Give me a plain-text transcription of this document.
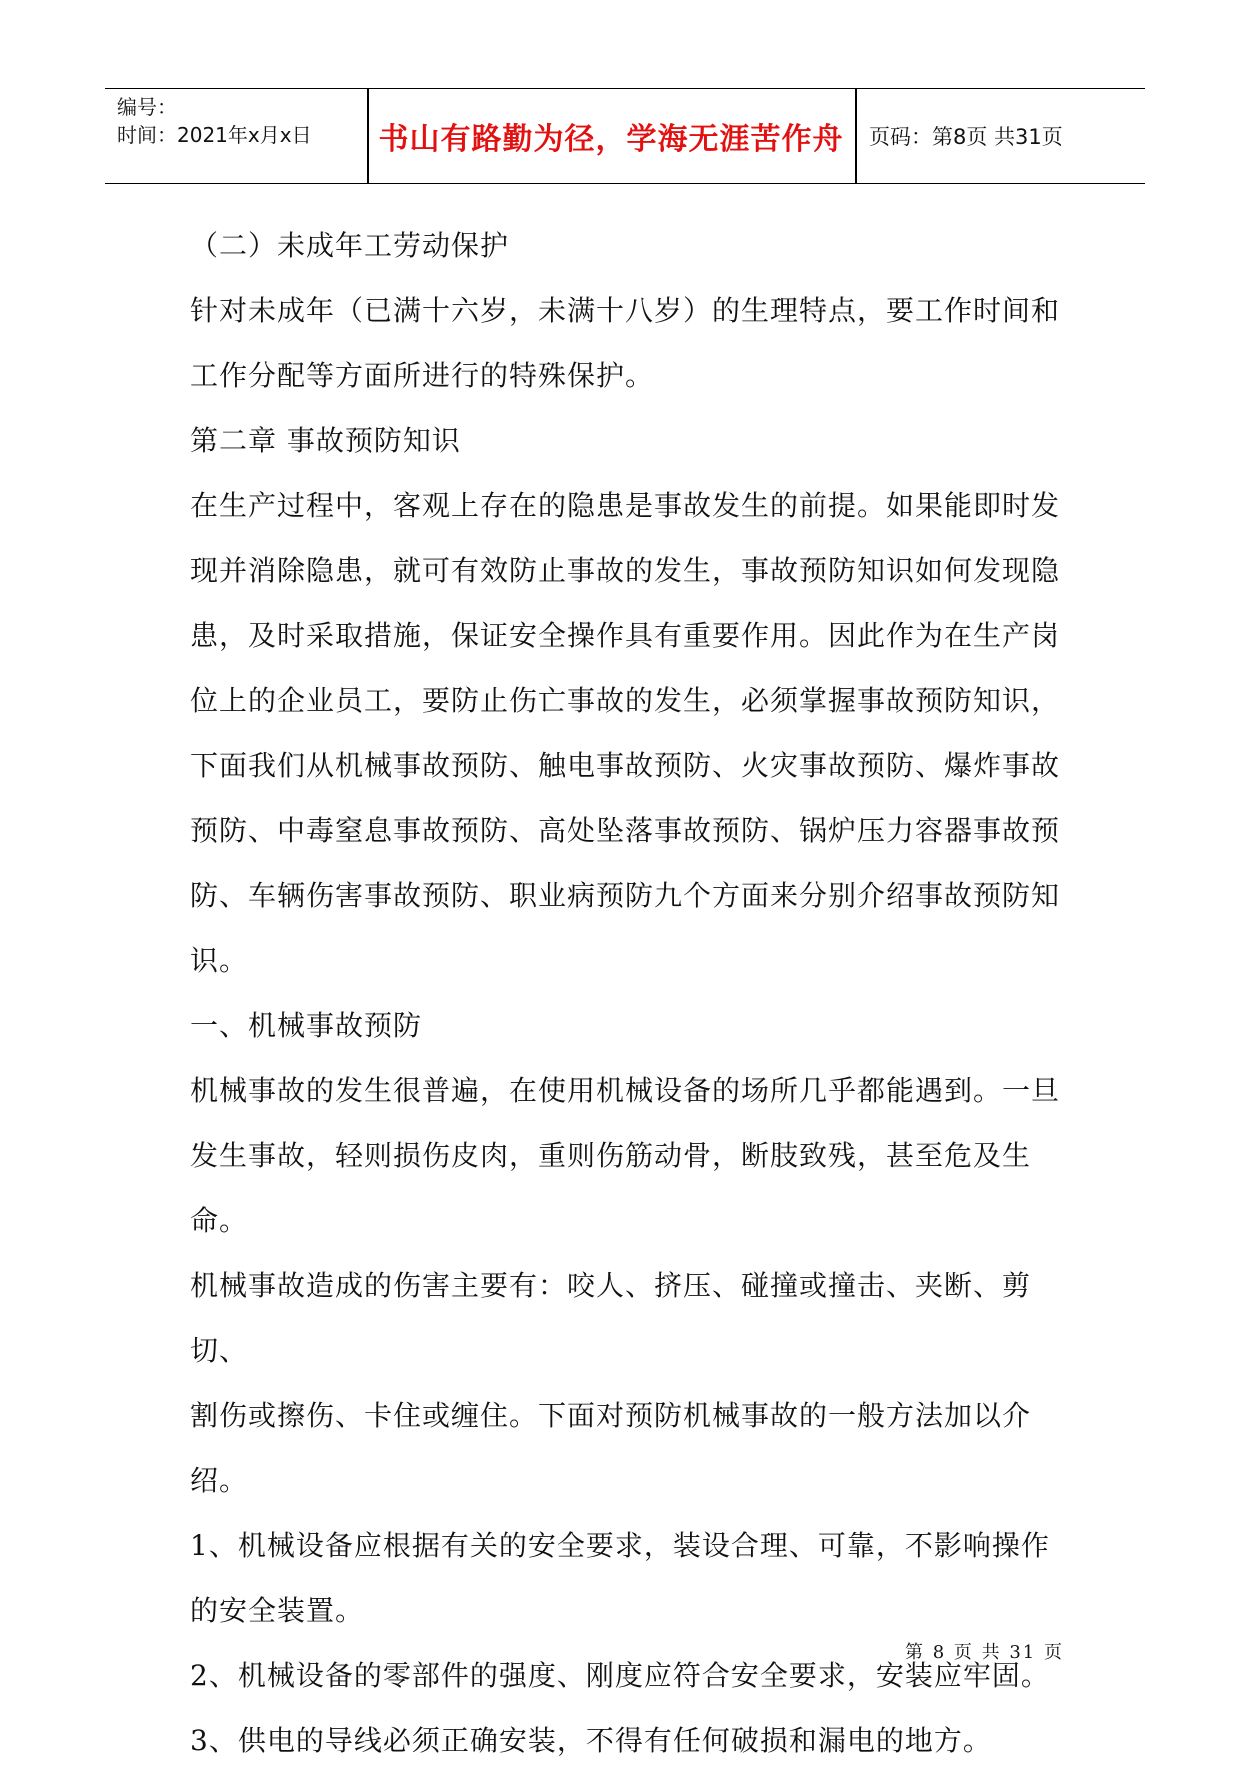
编号：
时间：2021年x月x日	书山有路勤为径，学海无涯苦作舟	页码：第8页 共31页

（二）未成年工劳动保护

针对未成年（已满十六岁，未满十八岁）的生理特点，要工作时间和

工作分配等方面所进行的特殊保护。

第二章 事故预防知识

在生产过程中，客观上存在的隐患是事故发生的前提。如果能即时发

现并消除隐患，就可有效防止事故的发生，事故预防知识如何发现隐

患，及时采取措施，保证安全操作具有重要作用。因此作为在生产岗

位上的企业员工，要防止伤亡事故的发生，必须掌握事故预防知识，

下面我们从机械事故预防、触电事故预防、火灾事故预防、爆炸事故

预防、中毒窒息事故预防、高处坠落事故预防、锅炉压力容器事故预

防、车辆伤害事故预防、职业病预防九个方面来分别介绍事故预防知

识。

一、机械事故预防

机械事故的发生很普遍，在使用机械设备的场所几乎都能遇到。一旦

发生事故，轻则损伤皮肉，重则伤筋动骨，断肢致残，甚至危及生命。

机械事故造成的伤害主要有：咬人、挤压、碰撞或撞击、夹断、剪切、

割伤或擦伤、卡住或缠住。下面对预防机械事故的一般方法加以介绍。

1、机械设备应根据有关的安全要求，装设合理、可靠，不影响操作

的安全装置。

2、机械设备的零部件的强度、刚度应符合安全要求，安装应牢固。

3、供电的导线必须正确安装，不得有任何破损和漏电的地方。

第 8 页 共 31 页
